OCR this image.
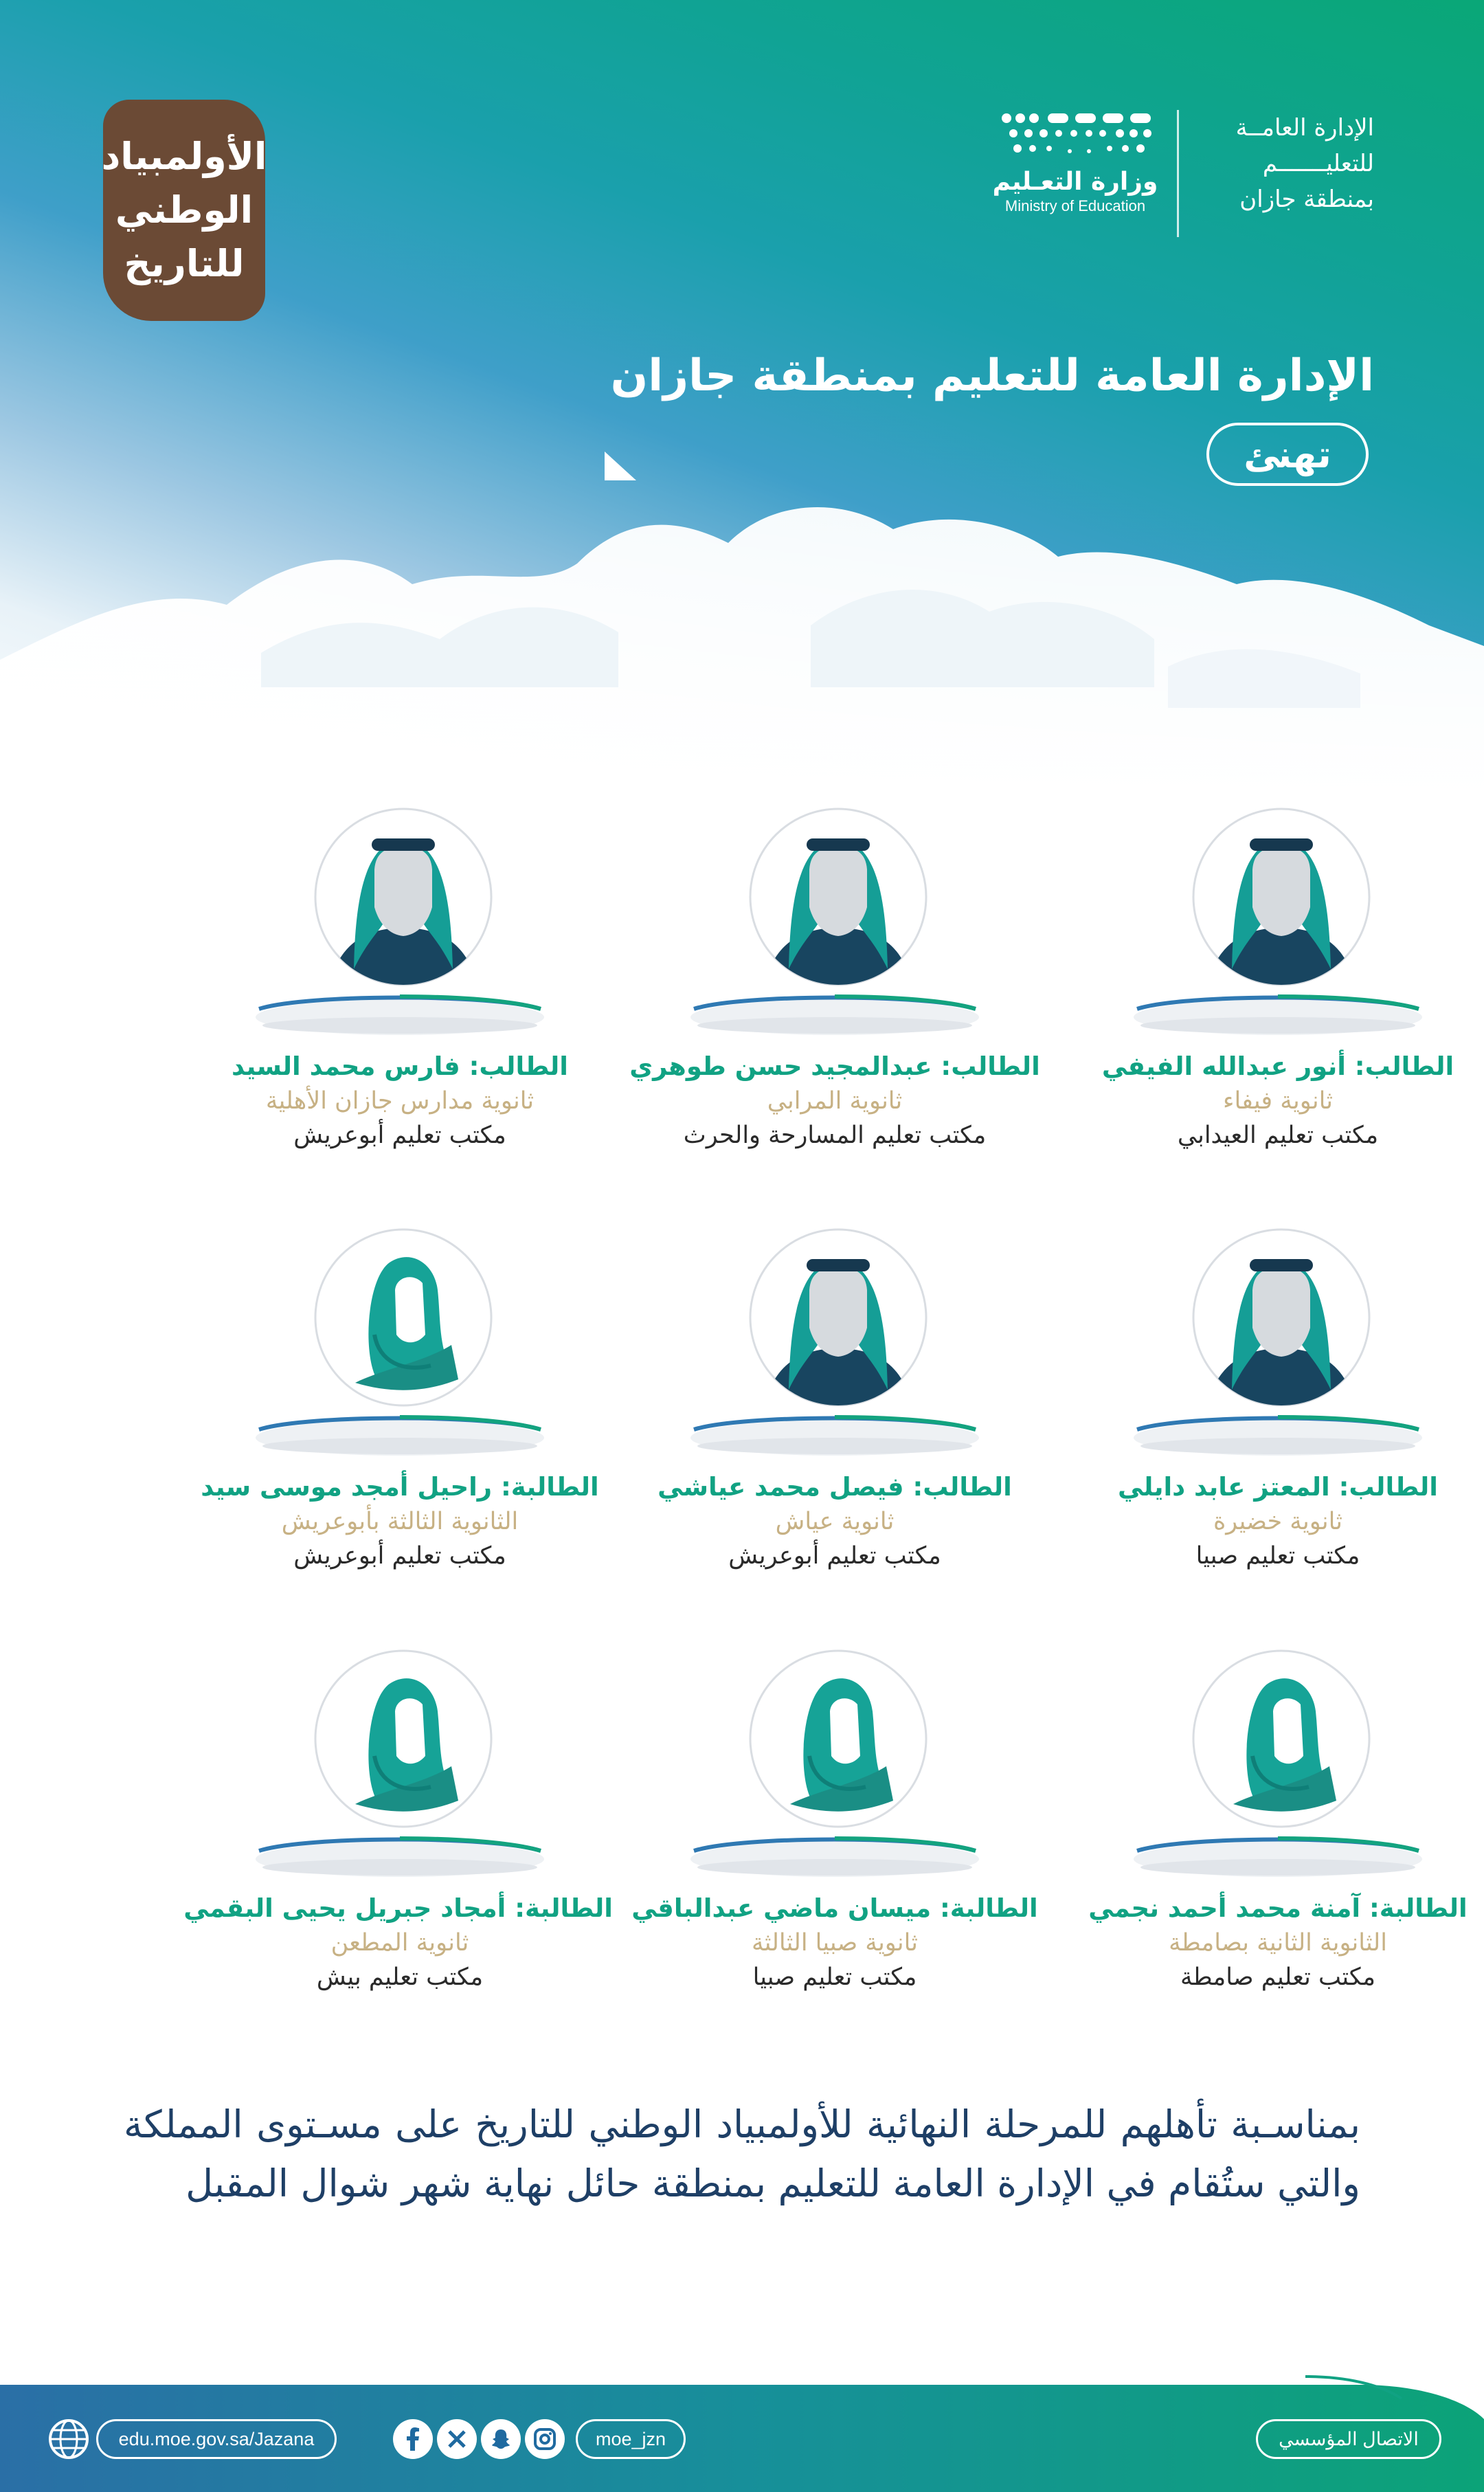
الأولمبياد
الوطني
للتاريخ
وزارة التعـليم
Ministry of Education
الإدارة العامــة
للتعليـــــــم
بمنطقة جازان
الإدارة العامة للتعليم بمنطقة جازان
تهنئ
الطالب: أنور عبدالله الفيفي
ثانوية فيفاء
مكتب تعليم العيدابي
الطالب: عبدالمجيد حسن طوهري
ثانوية المرابي
مكتب تعليم المسارحة والحرث
الطالب: فارس محمد السيد
ثانوية مدارس جازان الأهلية
مكتب تعليم أبوعريش
الطالب: المعتز عابد دايلي
ثانوية خضيرة
مكتب تعليم صبيا
الطالب: فيصل محمد عياشي
ثانوية عياش
مكتب تعليم أبوعريش
الطالبة: راحيل أمجد موسى سيد
الثانوية الثالثة بأبوعريش
مكتب تعليم أبوعريش
الطالبة: آمنة محمد أحمد نجمي
الثانوية الثانية بصامطة
مكتب تعليم صامطة
الطالبة: ميسان ماضي عبدالباقي
ثانوية صبيا الثالثة
مكتب تعليم صبيا
الطالبة: أمجاد جبريل يحيى البقمي
ثانوية المطعن
مكتب تعليم بيش
بمناسـبة تأهلهم للمرحلة النهائية للأولمبياد الوطني للتاريخ على مسـتوى المملكة والتي ستُقام في الإدارة العامة للتعليم بمنطقة حائل نهاية شهر شوال المقبل
الاتصال المؤسسي
moe_jzn
edu.moe.gov.sa/Jazana
